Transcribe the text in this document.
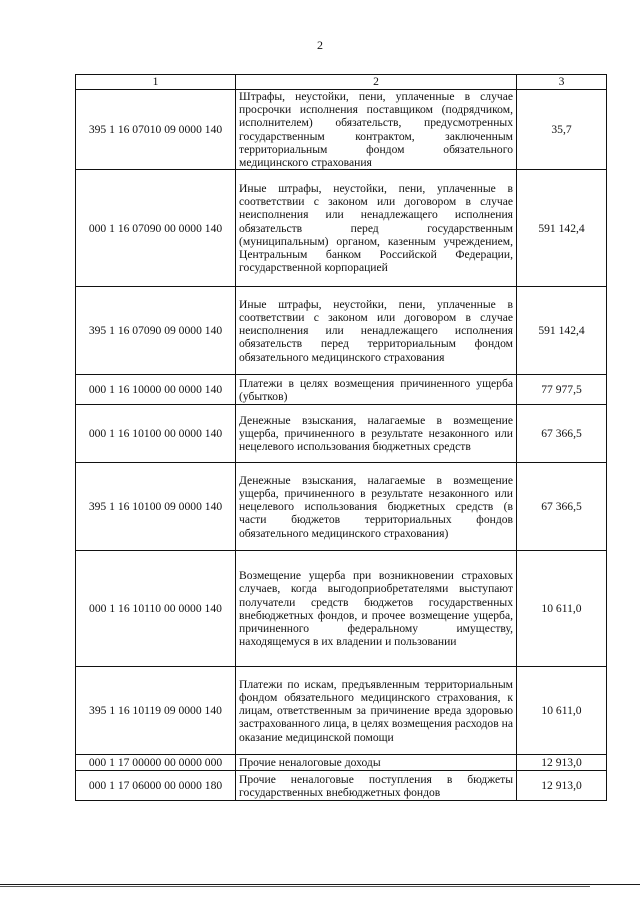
2
1	2	3
395 1 16 07010 09 0000 140	Штрафы, неустойки, пени, уплаченные в случае просрочки исполнения поставщиком (подрядчиком, исполнителем) обязательств, предусмотренных государственным контрактом, заключенным территориальным фондом обязательного медицинского страхования	35,7
000 1 16 07090 00 0000 140	Иные штрафы, неустойки, пени, уплаченные в соответствии с законом или договором в случае неисполнения или ненадлежащего исполнения обязательств перед государственным (муниципальным) органом, казенным учреждением, Центральным банком Российской Федерации, государственной корпорацией	591 142,4
395 1 16 07090 09 0000 140	Иные штрафы, неустойки, пени, уплаченные в соответствии с законом или договором в случае неисполнения или ненадлежащего исполнения обязательств перед территориальным фондом обязательного медицинского страхования	591 142,4
000 1 16 10000 00 0000 140	Платежи в целях возмещения причиненного ущерба (убытков)	77 977,5
000 1 16 10100 00 0000 140	Денежные взыскания, налагаемые в возмещение ущерба, причиненного в результате незаконного или нецелевого использования бюджетных средств	67 366,5
395 1 16 10100 09 0000 140	Денежные взыскания, налагаемые в возмещение ущерба, причиненного в результате незаконного или нецелевого использования бюджетных средств (в части бюджетов территориальных фондов обязательного медицинского страхования)	67 366,5
000 1 16 10110 00 0000 140	Возмещение ущерба при возникновении страховых случаев, когда выгодоприобретателями выступают получатели средств бюджетов государственных внебюджетных фондов, и прочее возмещение ущерба, причиненного федеральному имуществу, находящемуся в их владении и пользовании	10 611,0
395 1 16 10119 09 0000 140	Платежи по искам, предъявленным территориальным фондом обязательного медицинского страхования, к лицам, ответственным за причинение вреда здоровью застрахованного лица, в целях возмещения расходов на оказание медицинской помощи	10 611,0
000 1 17 00000 00 0000 000	Прочие неналоговые доходы	12 913,0
000 1 17 06000 00 0000 180	Прочие неналоговые поступления в бюджеты государственных внебюджетных фондов	12 913,0
